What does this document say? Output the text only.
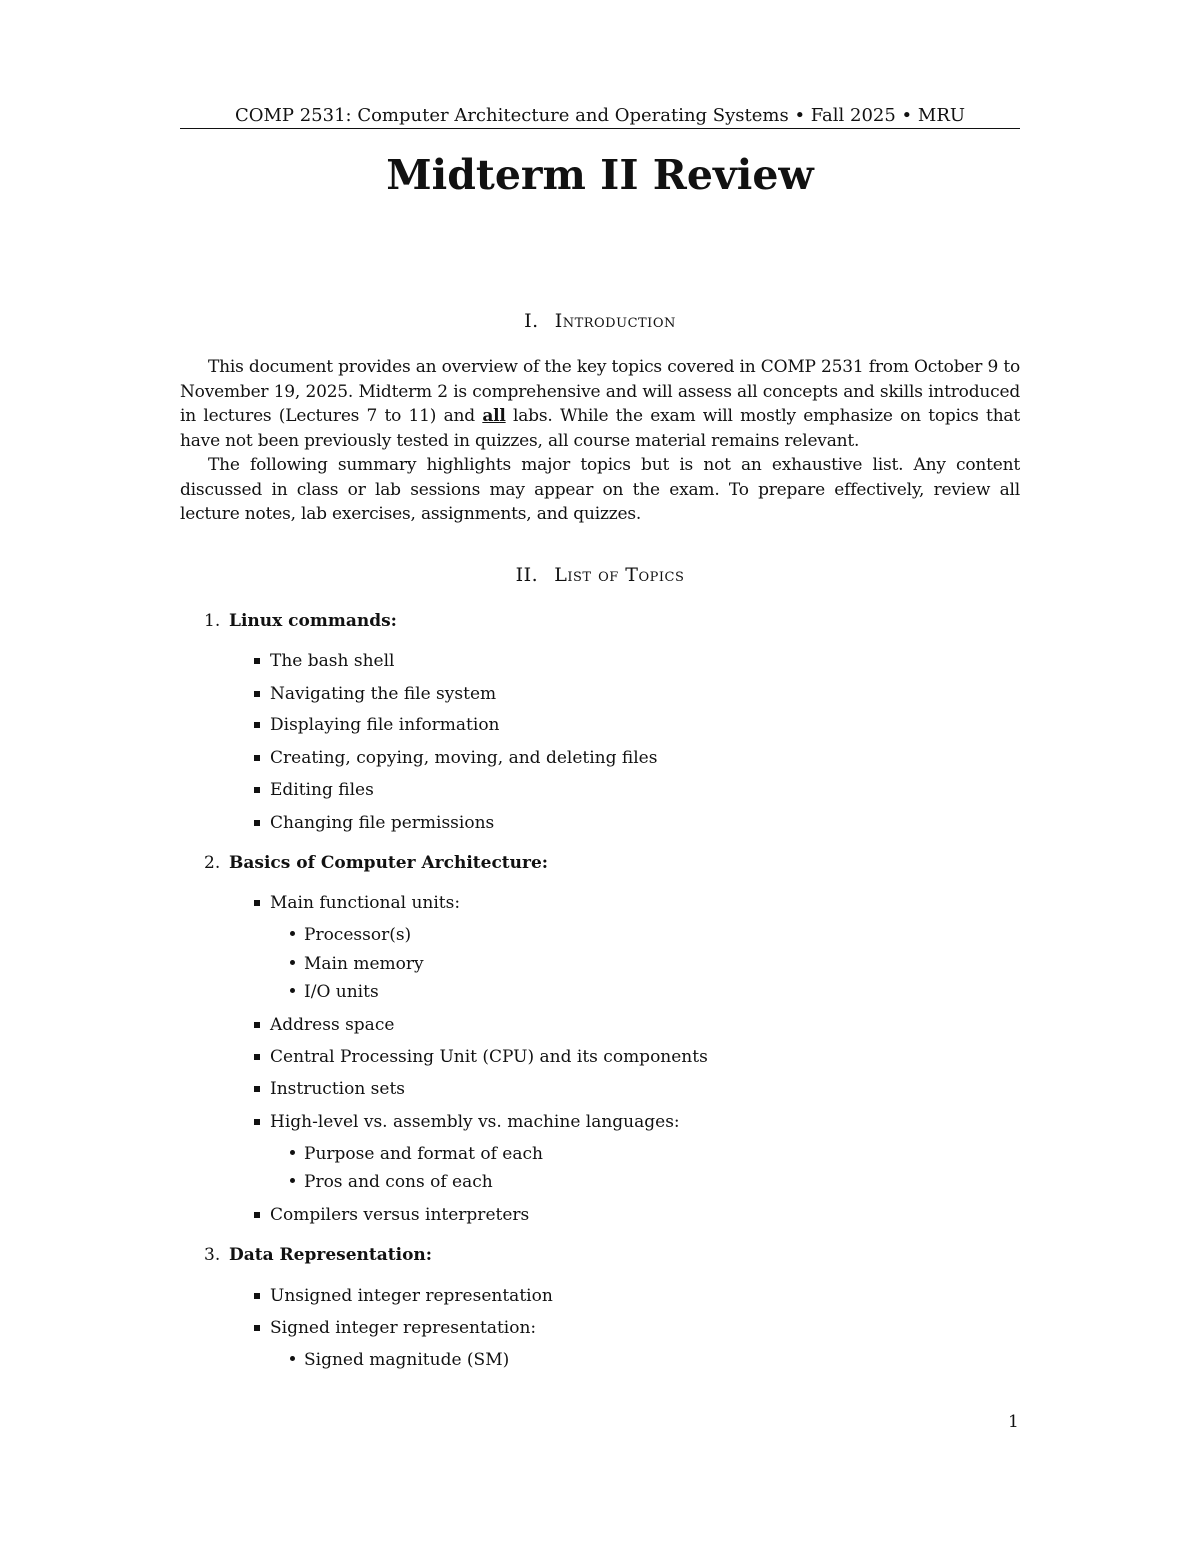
COMP 2531: Computer Architecture and Operating Systems • Fall 2025 • MRU
Midterm II Review
I. Introduction
This document provides an overview of the key topics covered in COMP 2531 from October 9 to November 19, 2025. Midterm 2 is comprehensive and will assess all concepts and skills introduced in lectures (Lectures 7 to 11) and all labs. While the exam will mostly emphasize on topics that have not been previously tested in quizzes, all course material remains relevant.
The following summary highlights major topics but is not an exhaustive list. Any content discussed in class or lab sessions may appear on the exam. To prepare effectively, review all lecture notes, lab exercises, assignments, and quizzes.
II. List of Topics
1. Linux commands:
The bash shell
Navigating the file system
Displaying file information
Creating, copying, moving, and deleting files
Editing files
Changing file permissions
2. Basics of Computer Architecture:
Main functional units:
Processor(s)
Main memory
I/O units
Address space
Central Processing Unit (CPU) and its components
Instruction sets
High-level vs. assembly vs. machine languages:
Purpose and format of each
Pros and cons of each
Compilers versus interpreters
3. Data Representation:
Unsigned integer representation
Signed integer representation:
Signed magnitude (SM)
1
